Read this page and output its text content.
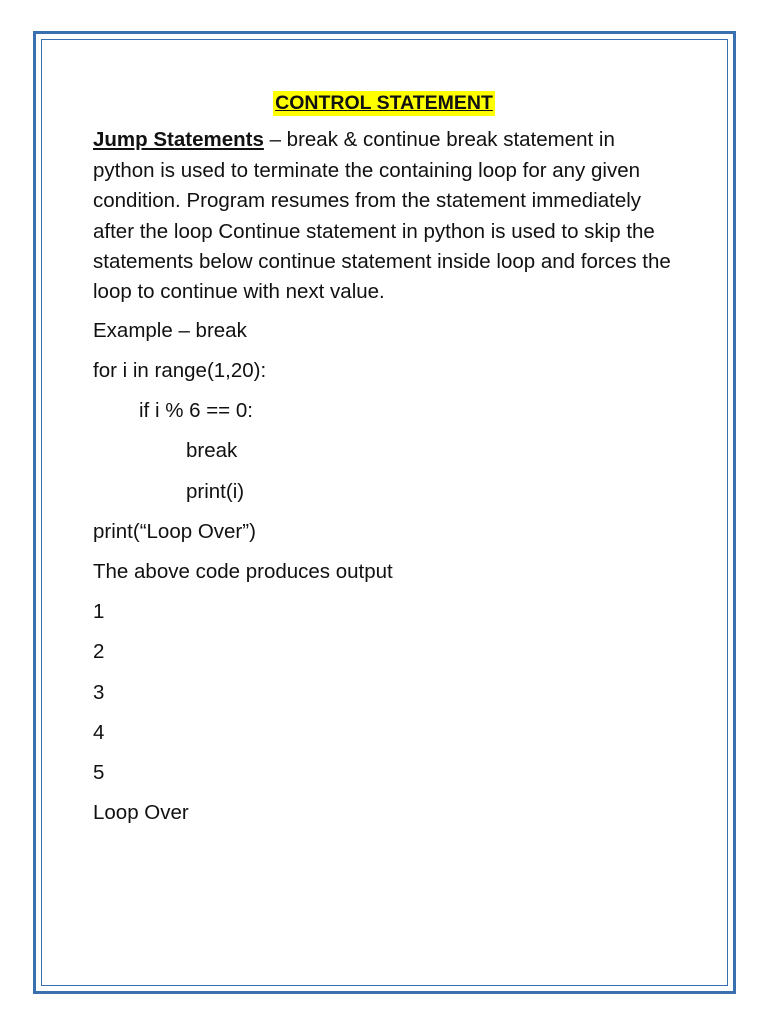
CONTROL STATEMENT

Jump Statements – break & continue break statement in python is used to terminate the containing loop for any given condition. Program resumes from the statement immediately after the loop Continue statement in python is used to skip the statements below continue statement inside loop and forces the loop to continue with next value.

Example – break
for i in range(1,20):
if i % 6 == 0:
break
print(i)
print(“Loop Over”)
The above code produces output
1
2
3
4
5
Loop Over
